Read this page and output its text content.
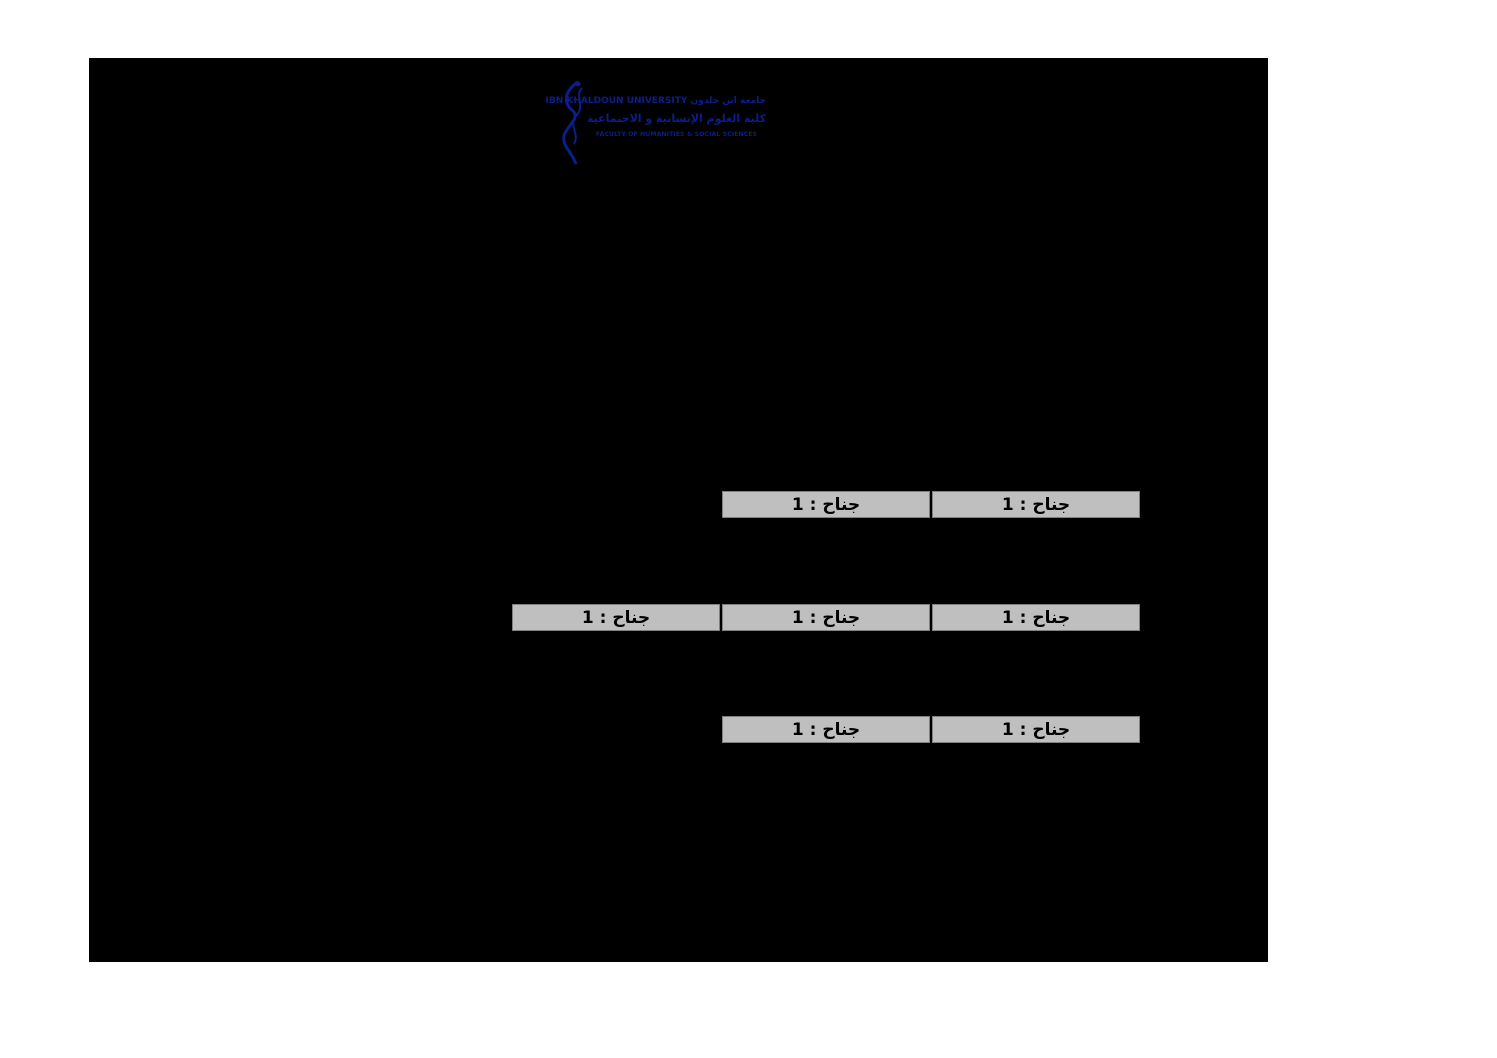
جامعة ابن خلدون IBN KHALDOUN UNIVERSITY
كلية العلوم الإنسانية و الاجتماعية
FACULTY OF HUMANITIES & SOCIAL SCIENCES
جناح : 1
جناح : 1
جناح : 1
جناح : 1
جناح : 1
جناح : 1
جناح : 1
